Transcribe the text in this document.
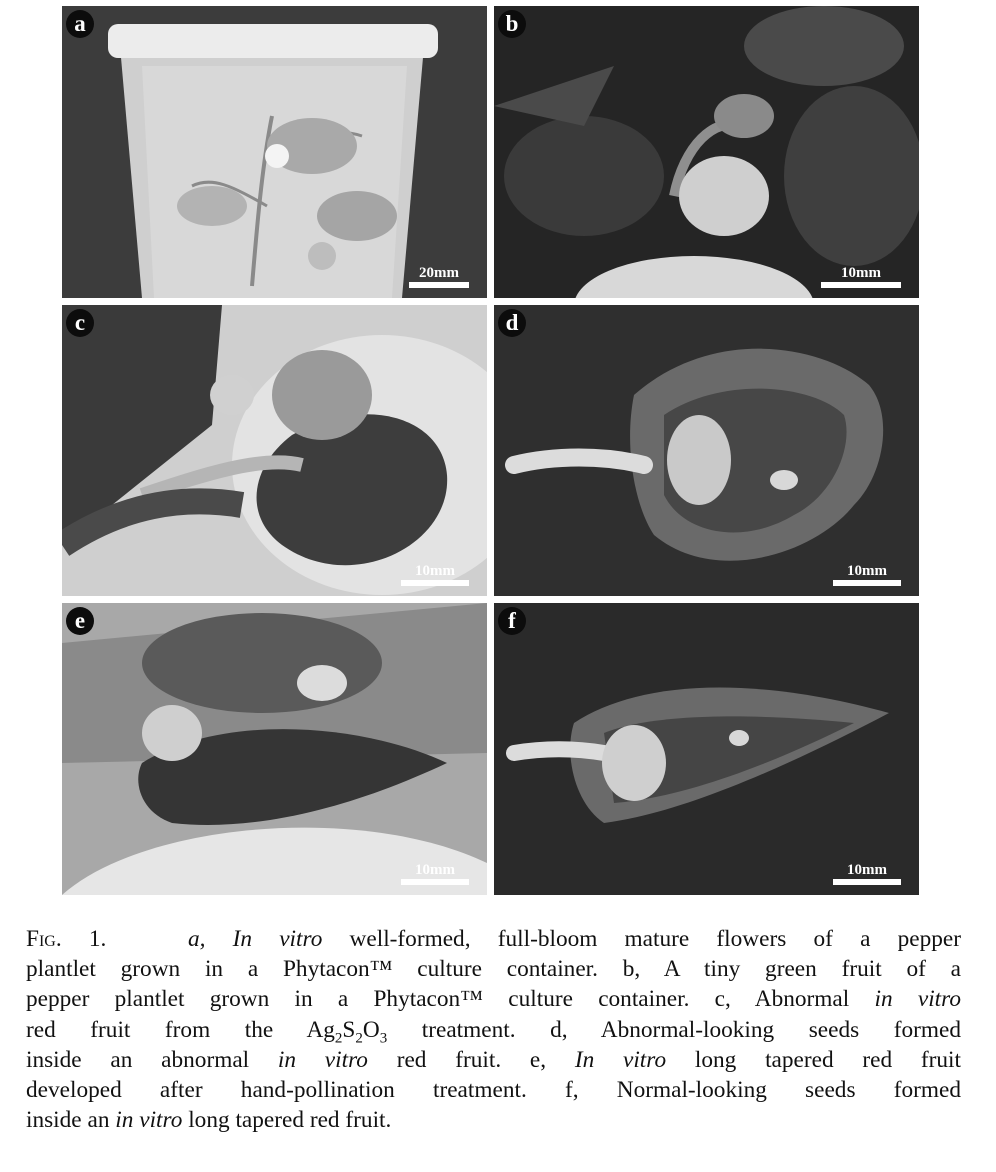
a
20mm
b
10mm
c
10mm
d
10mm
e
10mm
f
10mm
Fig. 1.	a, In vitro well-formed, full-bloom mature flowers of a pepper
plantlet grown in a Phytacon™ culture container. b, A tiny green fruit of a
pepper plantlet grown in a Phytacon™ culture container. c, Abnormal in vitro
red fruit from the $Ag_2S_2O_3$ treatment. d, Abnormal-looking seeds formed
inside an abnormal in vitro red fruit. e, In vitro long tapered red fruit
developed after hand-pollination treatment. f, Normal-looking seeds formed
inside an in vitro long tapered red fruit.
